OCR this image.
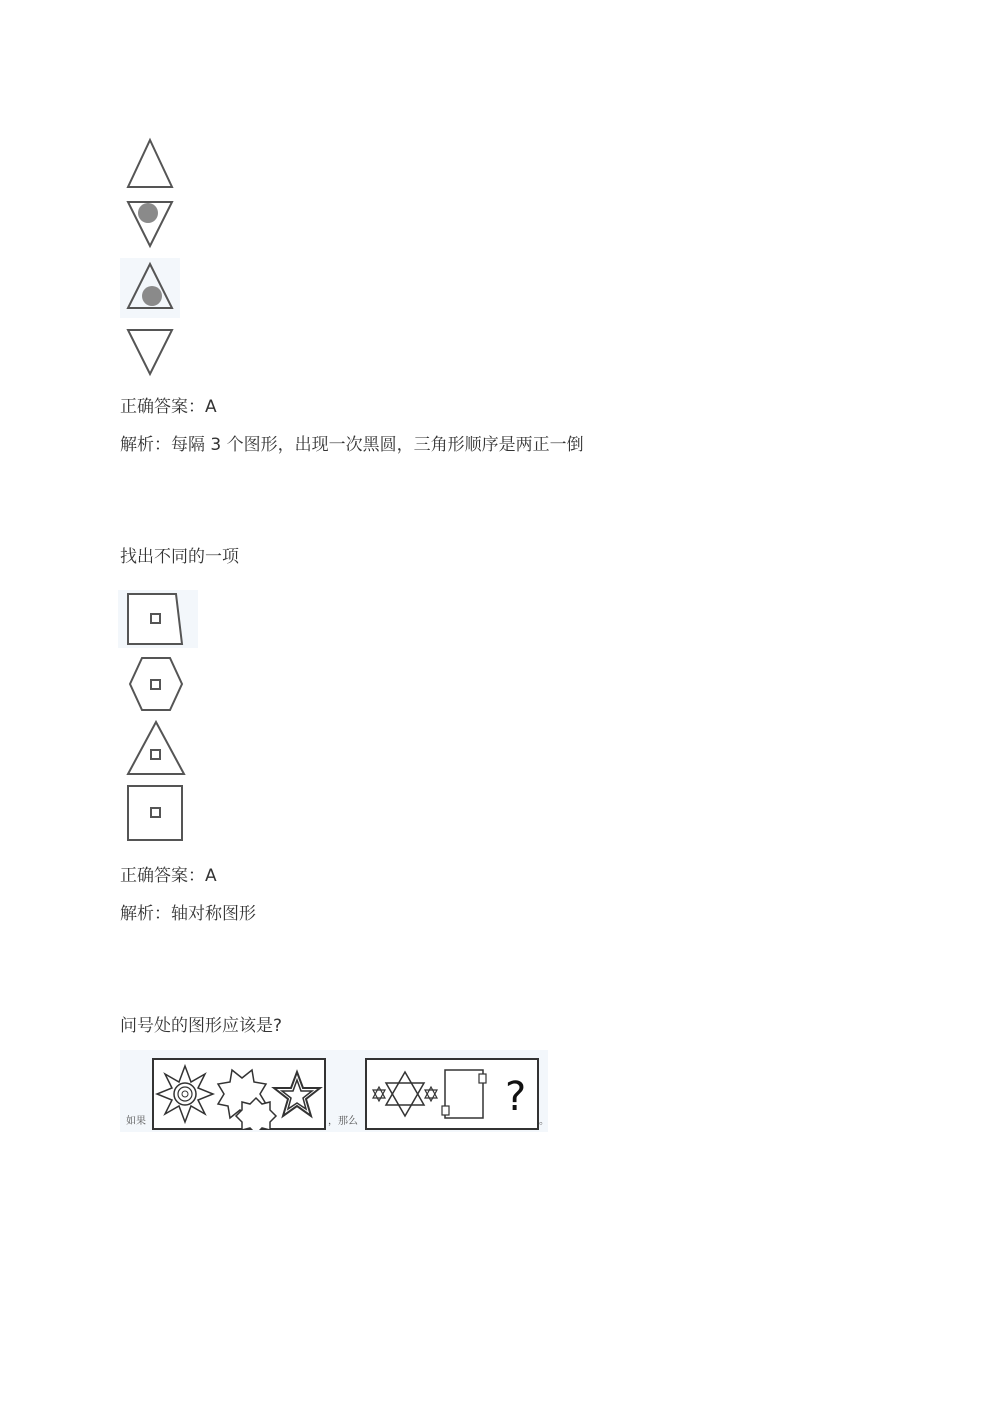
正确答案：A
解析：每隔 3 个图形，出现一次黑圆，三角形顺序是两正一倒
找出不同的一项
正确答案：A
解析：轴对称图形
问号处的图形应该是?
如果	，那么
?
。
